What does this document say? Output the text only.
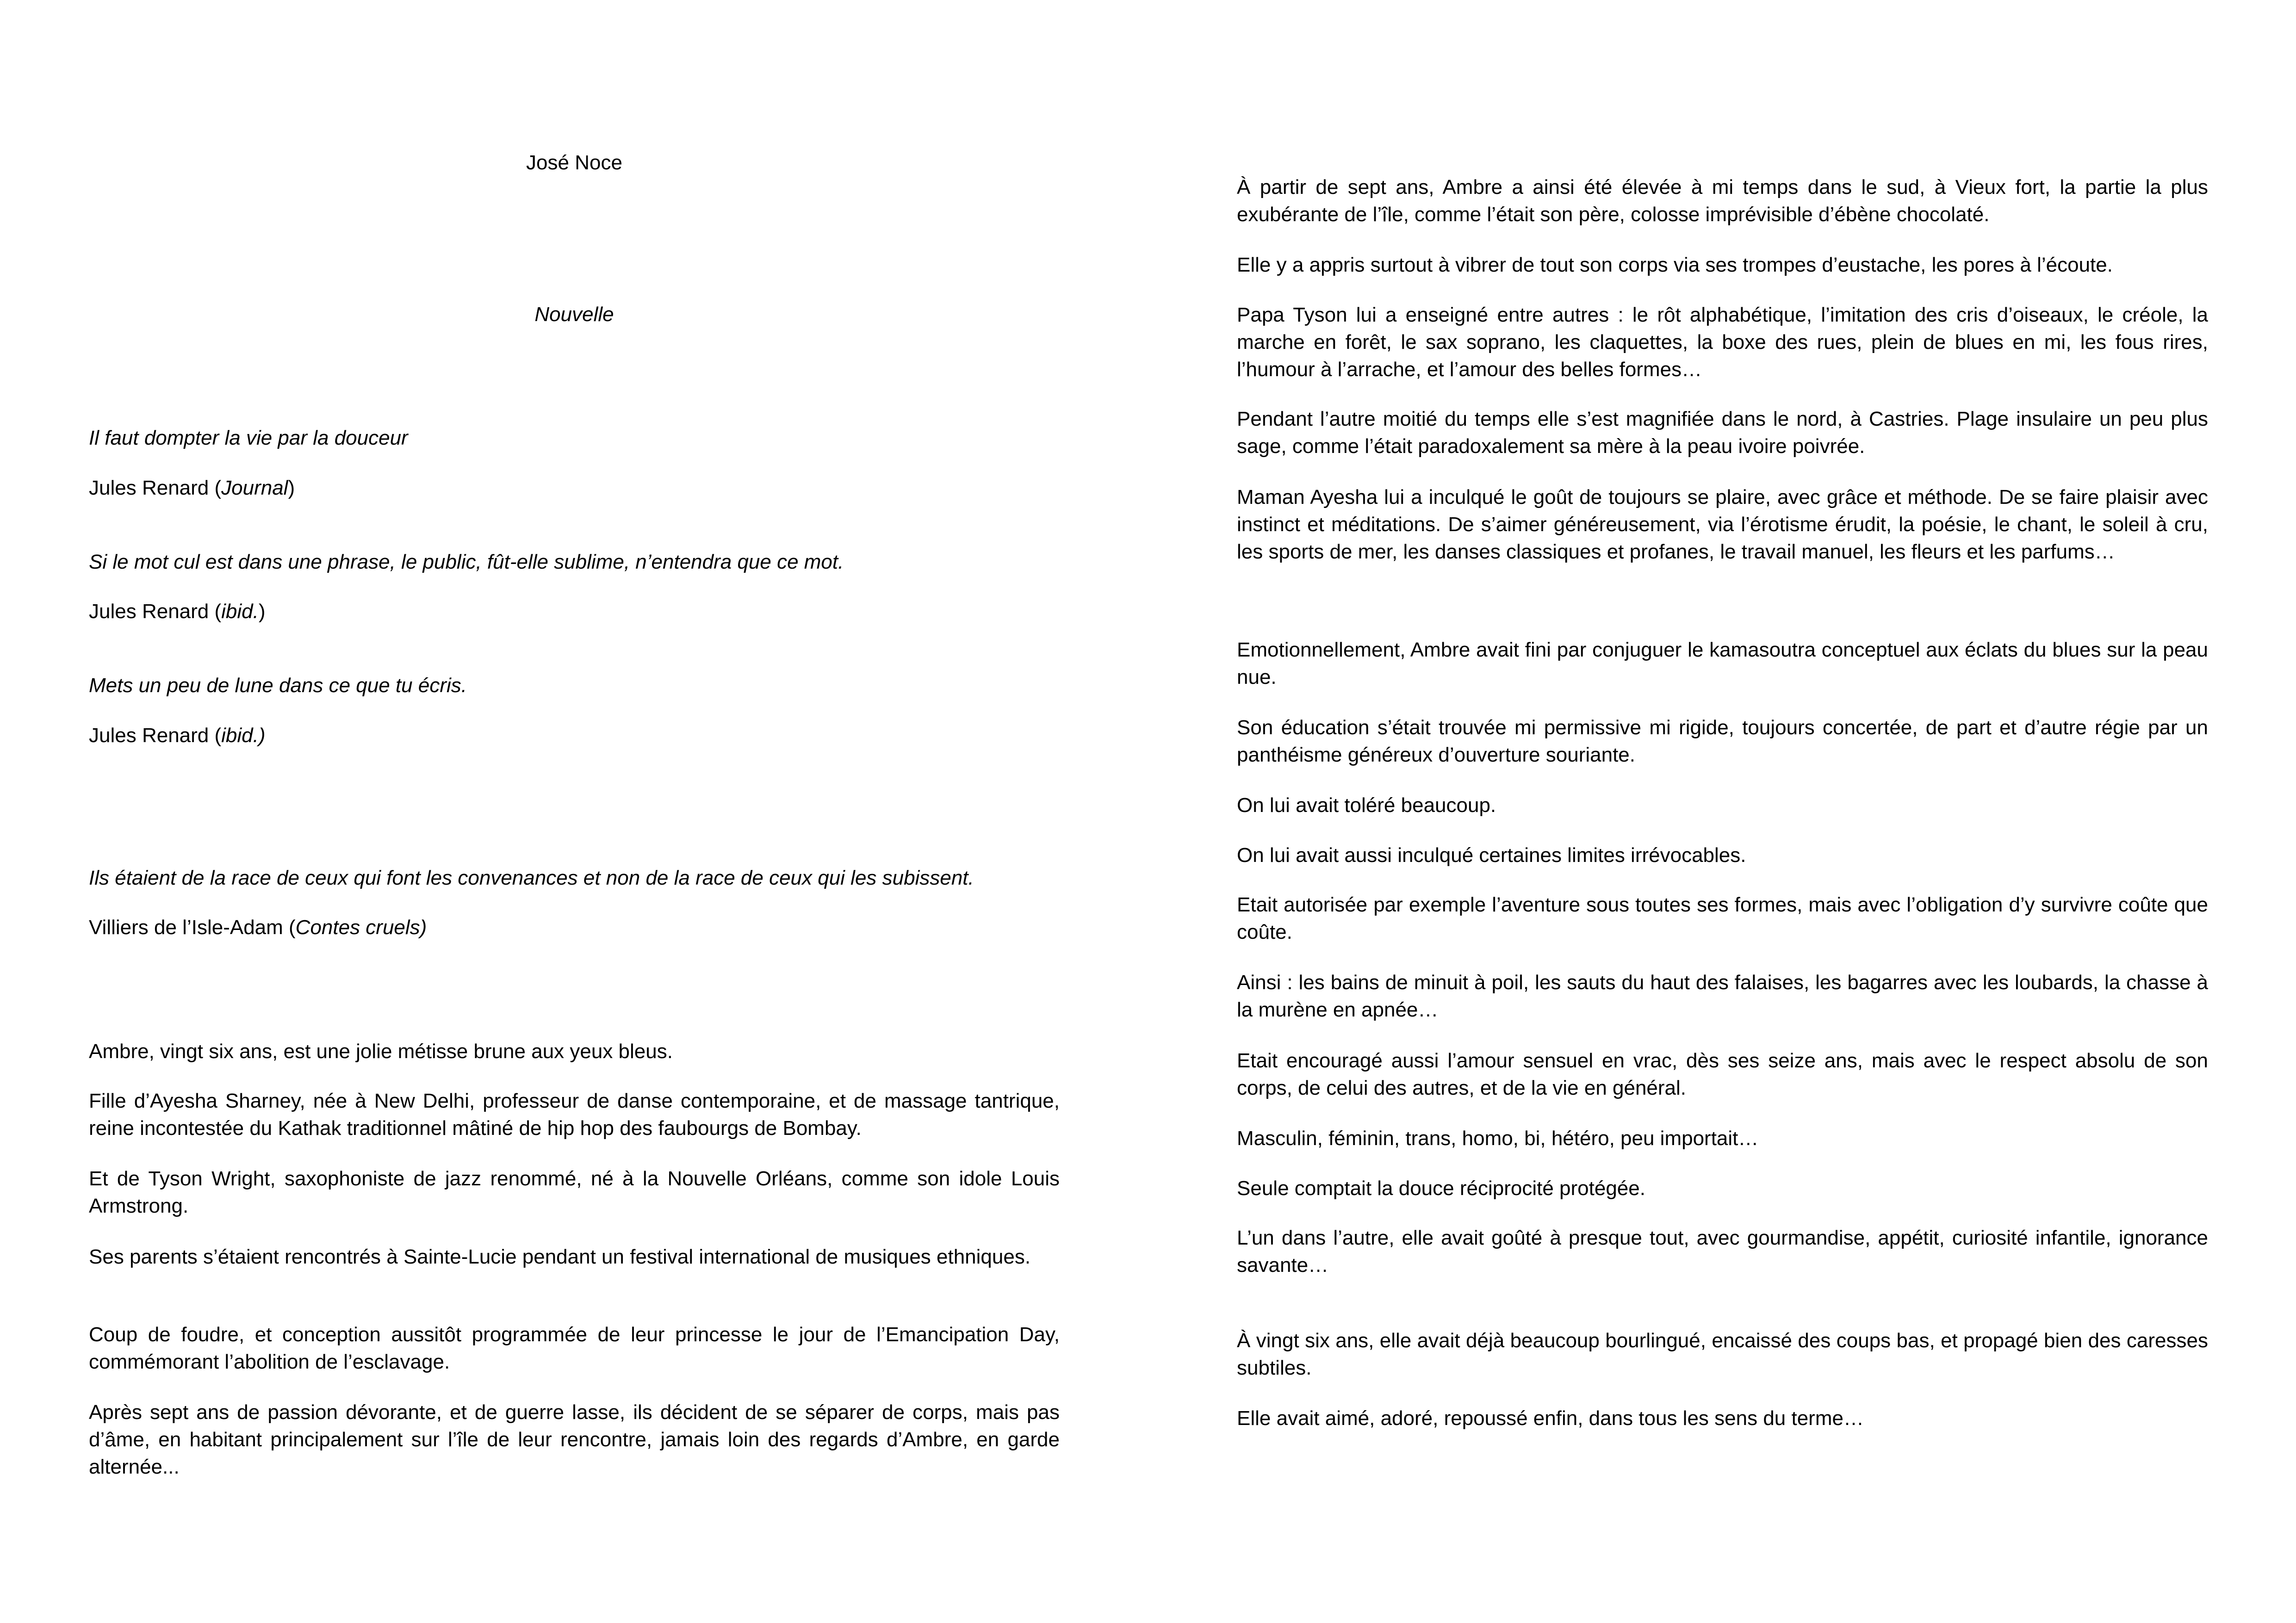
José Noce
Nouvelle
Il faut dompter la vie par la douceur
Jules Renard (Journal)
Si le mot cul est dans une phrase, le public, fût-elle sublime, n’entendra que ce mot.
Jules Renard (ibid.)
Mets un peu de lune dans ce que tu écris.
Jules Renard (ibid.)
Ils étaient de la race de ceux qui font les convenances et non de la race de ceux qui les subissent.
Villiers de l’Isle-Adam (Contes cruels)

Ambre, vingt six ans, est une jolie métisse brune aux yeux bleus.

Fille d’Ayesha Sharney, née à New Delhi, professeur de danse contemporaine, et de massage tantrique, reine incontestée du Kathak traditionnel mâtiné de hip hop des faubourgs de Bombay.

Et de Tyson Wright, saxophoniste de jazz renommé, né à la Nouvelle Orléans, comme son idole Louis Armstrong.

Ses parents s’étaient rencontrés à Sainte-Lucie pendant un festival international de musiques ethniques.

Coup de foudre, et conception aussitôt programmée de leur princesse le jour de l’Emancipation Day, commémorant l’abolition de l’esclavage.

Après sept ans de passion dévorante, et de guerre lasse, ils décident de se séparer de corps, mais pas d’âme, en habitant principalement sur l’île de leur rencontre, jamais loin des regards d’Ambre, en garde alternée...

À partir de sept ans, Ambre a ainsi été élevée à mi temps dans le sud, à Vieux fort, la partie la plus exubérante de l’île, comme l’était son père, colosse imprévisible d’ébène chocolaté.

Elle y a appris surtout à vibrer de tout son corps via ses trompes d’eustache, les pores à l’écoute.

Papa Tyson lui a enseigné entre autres : le rôt alphabétique, l’imitation des cris d’oiseaux, le créole, la marche en forêt, le sax soprano, les claquettes, la boxe des rues, plein de blues en mi, les fous rires, l’humour à l’arrache, et l’amour des belles formes…

Pendant l’autre moitié du temps elle s’est magnifiée dans le nord, à Castries. Plage insulaire un peu plus sage, comme l’était paradoxalement sa mère à la peau ivoire poivrée.

Maman Ayesha lui a inculqué le goût de toujours se plaire, avec grâce et méthode. De se faire plaisir avec instinct et méditations. De s’aimer généreusement, via l’érotisme érudit, la poésie, le chant, le soleil à cru, les sports de mer, les danses classiques et profanes, le travail manuel, les fleurs et les parfums…

Emotionnellement, Ambre avait fini par conjuguer le kamasoutra conceptuel aux éclats du blues sur la peau nue.

Son éducation s’était trouvée mi permissive mi rigide, toujours concertée, de part et d’autre régie par un panthéisme généreux d’ouverture souriante.

On lui avait toléré beaucoup.

On lui avait aussi inculqué certaines limites irrévocables.

Etait autorisée par exemple l’aventure sous toutes ses formes, mais avec l’obligation d’y survivre coûte que coûte.

Ainsi : les bains de minuit à poil, les sauts du haut des falaises, les bagarres avec les loubards, la chasse à la murène en apnée…

Etait encouragé aussi l’amour sensuel en vrac, dès ses seize ans, mais avec le respect absolu de son corps, de celui des autres, et de la vie en général.

Masculin, féminin, trans, homo, bi, hétéro, peu importait…

Seule comptait la douce réciprocité protégée.

L’un dans l’autre, elle avait goûté à presque tout, avec gourmandise, appétit, curiosité infantile, ignorance savante…

À vingt six ans, elle avait déjà beaucoup bourlingué, encaissé des coups bas, et propagé bien des caresses subtiles.

Elle avait aimé, adoré, repoussé enfin, dans tous les sens du terme…
